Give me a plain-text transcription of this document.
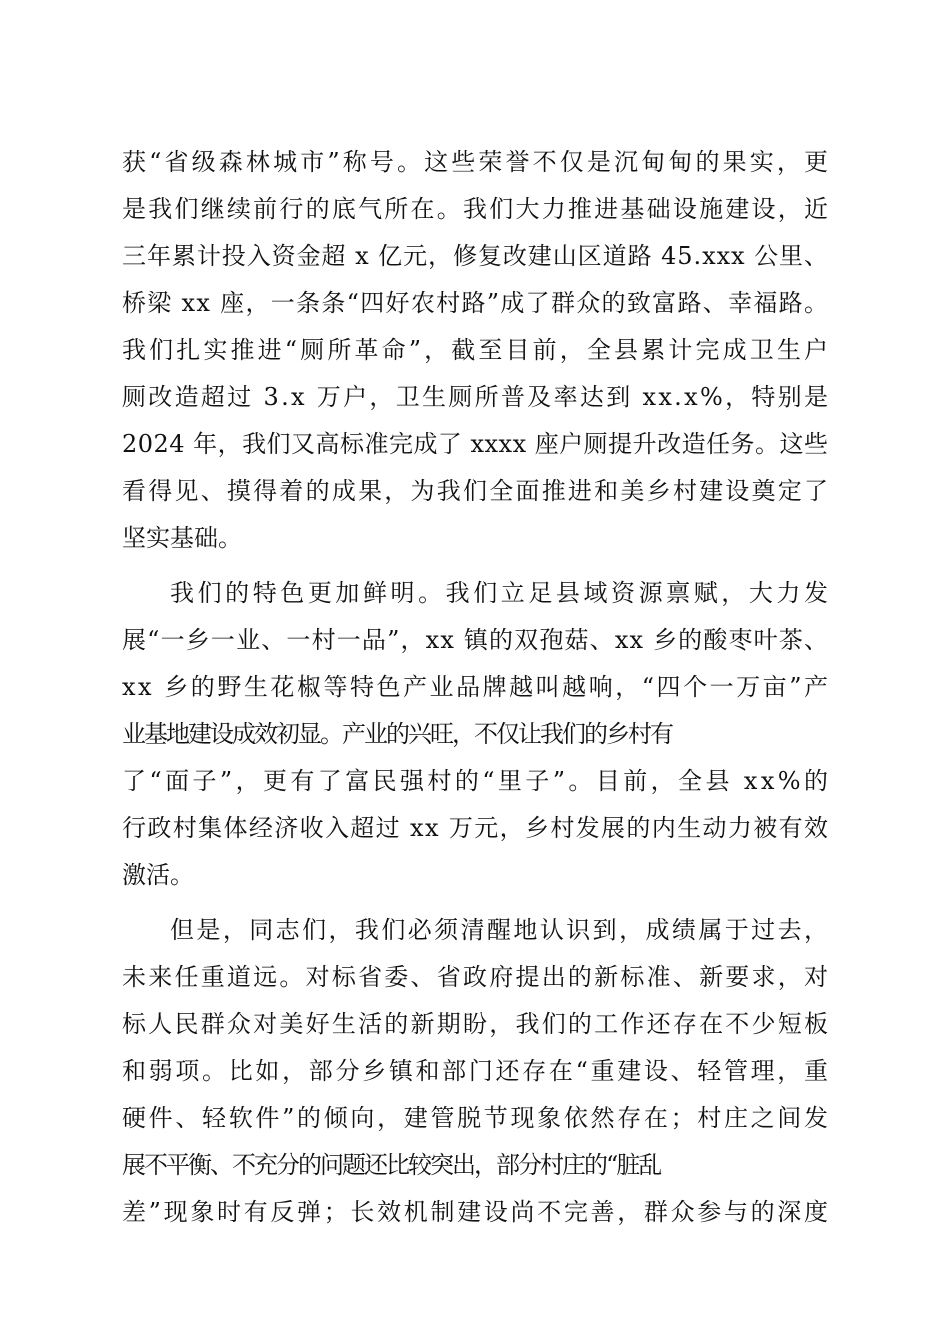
获“省级森林城市”称号。这些荣誉不仅是沉甸甸的果实，更
是我们继续前行的底气所在。我们大力推进基础设施建设，近
三年累计投入资金超 x 亿元，修复改建山区道路 45.xxx 公里、
桥梁 xx 座，一条条“四好农村路”成了群众的致富路、幸福路。
我们扎实推进“厕所革命”，截至目前，全县累计完成卫生户
厕改造超过 3.x 万户，卫生厕所普及率达到 xx.x%，特别是
2024 年，我们又高标准完成了 xxxx 座户厕提升改造任务。这些
看得见、摸得着的成果，为我们全面推进和美乡村建设奠定了
坚实基础。
我们的特色更加鲜明。我们立足县域资源禀赋，大力发
展“一乡一业、一村一品”，xx 镇的双孢菇、xx 乡的酸枣叶茶、
xx 乡的野生花椒等特色产业品牌越叫越响，“四个一万亩”产
业基地建设成效初显。产业的兴旺，不仅让我们的乡村有
了“面子”，更有了富民强村的“里子”。目前，全县 xx%的
行政村集体经济收入超过 xx 万元，乡村发展的内生动力被有效
激活。
但是，同志们，我们必须清醒地认识到，成绩属于过去，
未来任重道远。对标省委、省政府提出的新标准、新要求，对
标人民群众对美好生活的新期盼，我们的工作还存在不少短板
和弱项。比如，部分乡镇和部门还存在“重建设、轻管理，重
硬件、轻软件”的倾向，建管脱节现象依然存在；村庄之间发
展不平衡、不充分的问题还比较突出，部分村庄的“脏乱
差”现象时有反弹；长效机制建设尚不完善，群众参与的深度
